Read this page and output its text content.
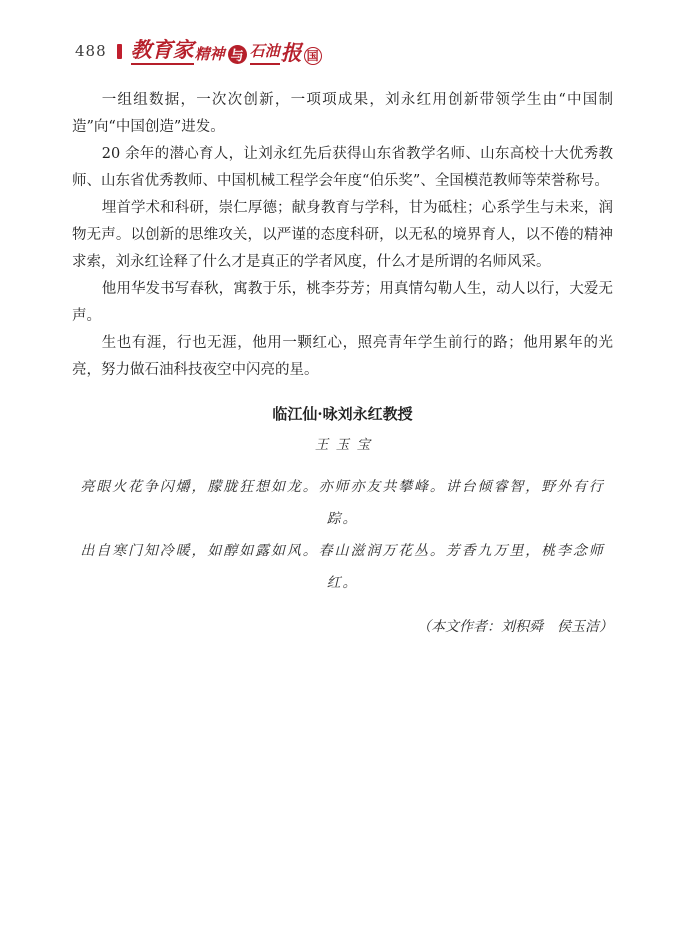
488 教育家 精神 与 石油 报 国

一组组数据，一次次创新，一项项成果，刘永红用创新带领学生由“中国制造”向“中国创造”进发。

20 余年的潜心育人，让刘永红先后获得山东省教学名师、山东高校十大优秀教师、山东省优秀教师、中国机械工程学会年度“伯乐奖”、全国模范教师等荣誉称号。

埋首学术和科研，崇仁厚德；献身教育与学科，甘为砥柱；心系学生与未来，润物无声。以创新的思维攻关，以严谨的态度科研，以无私的境界育人，以不倦的精神求索，刘永红诠释了什么才是真正的学者风度，什么才是所谓的名师风采。

他用华发书写春秋，寓教于乐，桃李芬芳；用真情勾勒人生，动人以行，大爱无声。

生也有涯，行也无涯，他用一颗红心，照亮青年学生前行的路；他用累年的光亮，努力做石油科技夜空中闪亮的星。

临江仙·咏刘永红教授
王玉宝
亮眼火花争闪爝，朦胧狂想如龙。亦师亦友共攀峰。讲台倾睿智，野外有行踪。
出自寒门知冷暖，如醇如露如风。春山滋润万花丛。芳香九万里，桃李念师红。
（本文作者：刘积舜　侯玉洁）
